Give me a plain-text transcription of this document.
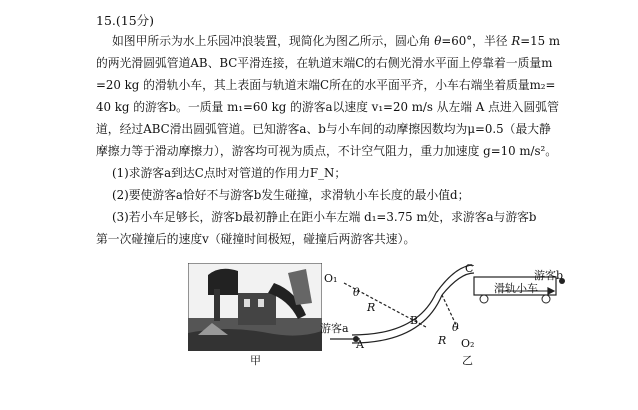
15.(15分)
如图甲所示为水上乐园冲浪装置，现简化为图乙所示，圆心角 θ=60°，半径 R=15 m
的两光滑圆弧管道AB、BC平滑连接，在轨道末端C的右侧光滑水平面上停靠着一质量m
=20 kg 的滑轨小车，其上表面与轨道末端C所在的水平面平齐，小车右端坐着质量m₂=
40 kg 的游客b。一质量 m₁=60 kg 的游客a以速度 v₁=20 m/s 从左端 A 点进入圆弧管
道，经过ABC滑出圆弧管道。已知游客a、b与小车间的动摩擦因数均为μ=0.5（最大静
摩擦力等于滑动摩擦力），游客均可视为质点，不计空气阻力，重力加速度 g=10 m/s²。
(1)求游客a到达C点时对管道的作用力F_N；
(2)要使游客a恰好不与游客b发生碰撞，求滑轨小车长度的最小值d；
(3)若小车足够长，游客b最初静止在距小车左端 d₁=3.75 m处，求游客a与游客b
第一次碰撞后的速度v（碰撞时间极短，碰撞后两游客共速）。
甲
O₁
θ
R
B
C
R
θ
O₂
A
游客a
游客b
滑轨小车
乙
